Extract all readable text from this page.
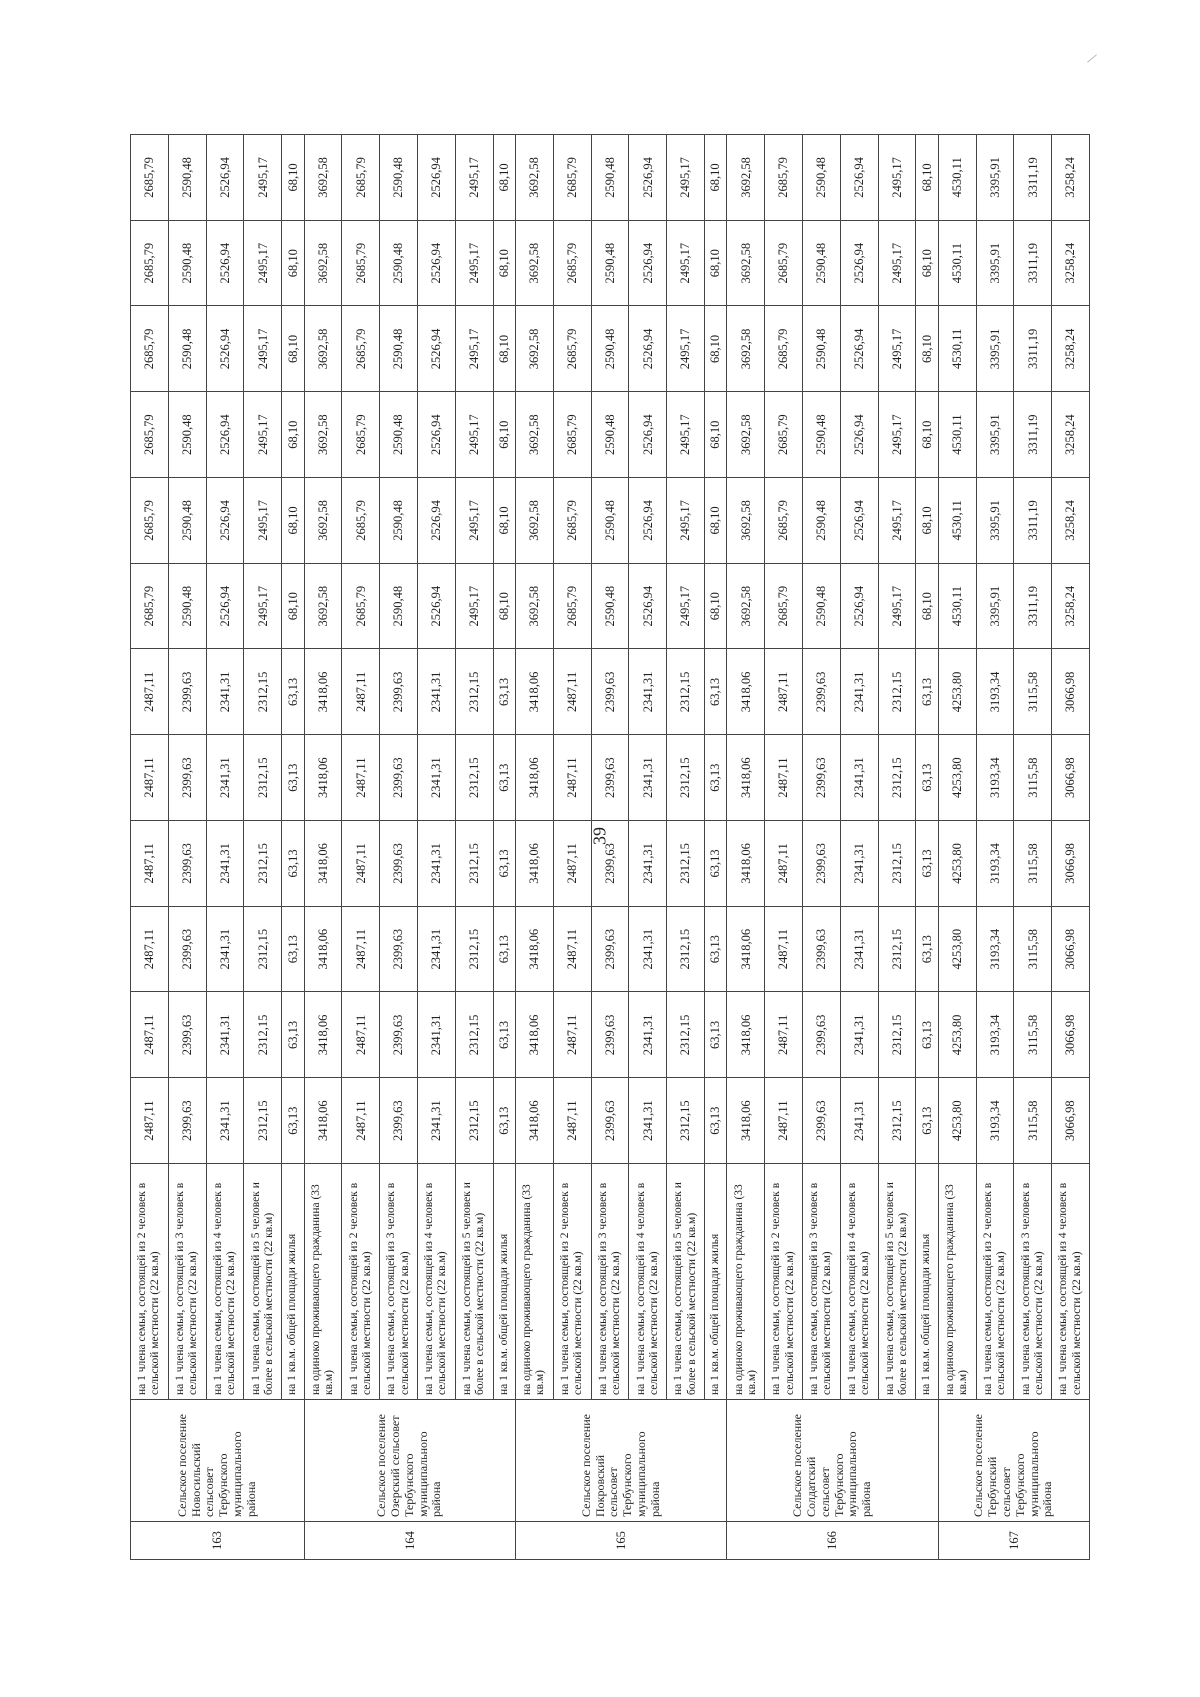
163	Сельское поселение Новосильский сельсовет Тербунского муниципального района	на 1 члена семьи, состоящей из 2 человек в сельской местности (22 кв.м)	2487,11	2487,11	2487,11	2487,11	2487,11	2487,11	2685,79	2685,79	2685,79	2685,79	2685,79	2685,79
		на 1 члена семьи, состоящей из 3 человек в сельской местности (22 кв.м)	2399,63	2399,63	2399,63	2399,63	2399,63	2399,63	2590,48	2590,48	2590,48	2590,48	2590,48	2590,48
		на 1 члена семьи, состоящей из 4 человек в сельской местности (22 кв.м)	2341,31	2341,31	2341,31	2341,31	2341,31	2341,31	2526,94	2526,94	2526,94	2526,94	2526,94	2526,94
		на 1 члена семьи, состоящей из 5 человек и более в сельской местности (22 кв.м)	2312,15	2312,15	2312,15	2312,15	2312,15	2312,15	2495,17	2495,17	2495,17	2495,17	2495,17	2495,17
		на 1 кв.м. общей площади жилья	63,13	63,13	63,13	63,13	63,13	63,13	68,10	68,10	68,10	68,10	68,10	68,10
164	Сельское поселение Озерский сельсовет Тербунского муниципального района	на одиноко проживающего гражданина (33 кв.м)	3418,06	3418,06	3418,06	3418,06	3418,06	3418,06	3692,58	3692,58	3692,58	3692,58	3692,58	3692,58
		на 1 члена семьи, состоящей из 2 человек в сельской местности (22 кв.м)	2487,11	2487,11	2487,11	2487,11	2487,11	2487,11	2685,79	2685,79	2685,79	2685,79	2685,79	2685,79
		на 1 члена семьи, состоящей из 3 человек в сельской местности (22 кв.м)	2399,63	2399,63	2399,63	2399,63	2399,63	2399,63	2590,48	2590,48	2590,48	2590,48	2590,48	2590,48
		на 1 члена семьи, состоящей из 4 человек в сельской местности (22 кв.м)	2341,31	2341,31	2341,31	2341,31	2341,31	2341,31	2526,94	2526,94	2526,94	2526,94	2526,94	2526,94
		на 1 члена семьи, состоящей из 5 человек и более в сельской местности (22 кв.м)	2312,15	2312,15	2312,15	2312,15	2312,15	2312,15	2495,17	2495,17	2495,17	2495,17	2495,17	2495,17
		на 1 кв.м. общей площади жилья	63,13	63,13	63,13	63,13	63,13	63,13	68,10	68,10	68,10	68,10	68,10	68,10
165	Сельское поселение Покровский сельсовет Тербунского муниципального района	на одиноко проживающего гражданина (33 кв.м)	3418,06	3418,06	3418,06	3418,06	3418,06	3418,06	3692,58	3692,58	3692,58	3692,58	3692,58	3692,58
		на 1 члена семьи, состоящей из 2 человек в сельской местности (22 кв.м)	2487,11	2487,11	2487,11	2487,11	2487,11	2487,11	2685,79	2685,79	2685,79	2685,79	2685,79	2685,79
		на 1 члена семьи, состоящей из 3 человек в сельской местности (22 кв.м)	2399,63	2399,63	2399,63	2399,63	2399,63	2399,63	2590,48	2590,48	2590,48	2590,48	2590,48	2590,48
		на 1 члена семьи, состоящей из 4 человек в сельской местности (22 кв.м)	2341,31	2341,31	2341,31	2341,31	2341,31	2341,31	2526,94	2526,94	2526,94	2526,94	2526,94	2526,94
		на 1 члена семьи, состоящей из 5 человек и более в сельской местности (22 кв.м)	2312,15	2312,15	2312,15	2312,15	2312,15	2312,15	2495,17	2495,17	2495,17	2495,17	2495,17	2495,17
		на 1 кв.м. общей площади жилья	63,13	63,13	63,13	63,13	63,13	63,13	68,10	68,10	68,10	68,10	68,10	68,10
166	Сельское поселение Солдатский сельсовет Тербунского муниципального района	на одиноко проживающего гражданина (33 кв.м)	3418,06	3418,06	3418,06	3418,06	3418,06	3418,06	3692,58	3692,58	3692,58	3692,58	3692,58	3692,58
		на 1 члена семьи, состоящей из 2 человек в сельской местности (22 кв.м)	2487,11	2487,11	2487,11	2487,11	2487,11	2487,11	2685,79	2685,79	2685,79	2685,79	2685,79	2685,79
		на 1 члена семьи, состоящей из 3 человек в сельской местности (22 кв.м)	2399,63	2399,63	2399,63	2399,63	2399,63	2399,63	2590,48	2590,48	2590,48	2590,48	2590,48	2590,48
		на 1 члена семьи, состоящей из 4 человек в сельской местности (22 кв.м)	2341,31	2341,31	2341,31	2341,31	2341,31	2341,31	2526,94	2526,94	2526,94	2526,94	2526,94	2526,94
		на 1 члена семьи, состоящей из 5 человек и более в сельской местности (22 кв.м)	2312,15	2312,15	2312,15	2312,15	2312,15	2312,15	2495,17	2495,17	2495,17	2495,17	2495,17	2495,17
		на 1 кв.м. общей площади жилья	63,13	63,13	63,13	63,13	63,13	63,13	68,10	68,10	68,10	68,10	68,10	68,10
167	Сельское поселение Тербунский сельсовет Тербунского муниципального района	на одиноко проживающего гражданина (33 кв.м)	4253,80	4253,80	4253,80	4253,80	4253,80	4253,80	4530,11	4530,11	4530,11	4530,11	4530,11	4530,11
		на 1 члена семьи, состоящей из 2 человек в сельской местности (22 кв.м)	3193,34	3193,34	3193,34	3193,34	3193,34	3193,34	3395,91	3395,91	3395,91	3395,91	3395,91	3395,91
		на 1 члена семьи, состоящей из 3 человек в сельской местности (22 кв.м)	3115,58	3115,58	3115,58	3115,58	3115,58	3115,58	3311,19	3311,19	3311,19	3311,19	3311,19	3311,19
		на 1 члена семьи, состоящей из 4 человек в сельской местности (22 кв.м)	3066,98	3066,98	3066,98	3066,98	3066,98	3066,98	3258,24	3258,24	3258,24	3258,24	3258,24	3258,24
39
